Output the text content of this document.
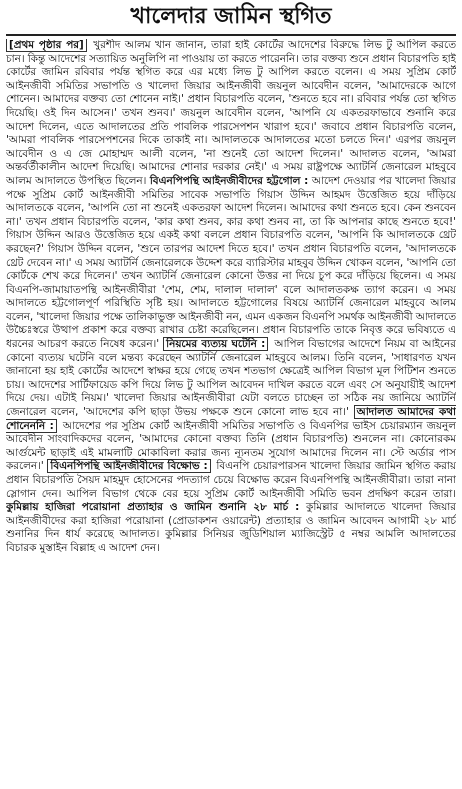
খালেদার জামিন স্থগিত
[প্রথম পৃষ্ঠার পর] খুরশীদ আলম খান জানান, তারা হাই কোর্টের আদেশের বিরুদ্ধে লিভ টু আপিল করতে চান। কিন্তু আদেশের সত্যায়িত অনুলিপি না পাওয়ায় তা করতে পারেননি। তার বক্তব্য শুনে প্রধান বিচারপতি হাই কোর্টের জামিন রবিবার পর্যন্ত স্থগিত করে এর মধ্যে লিভ টু আপিল করতে বলেন। এ সময় সুপ্রিম কোর্ট আইনজীবী সমিতির সভাপতি ও খালেদা জিয়ার আইনজীবী জয়নুল আবেদীন বলেন, 'আমাদেরকে আগে শোনেন। আমাদের বক্তব্য তো শোনেন নাই।' প্রধান বিচারপতি বলেন, 'শুনতে হবে না। রবিবার পর্যন্ত তো স্থগিত দিয়েছি। ওই দিন আসেন।' তখন শুনব।' জয়নুল আবেদীন বলেন, 'আপনি যে একতরফাভাবে শুনানি করে আদেশ দিলেন, এতে আদালতের প্রতি পাবলিক পারসেপশন খারাপ হবে।' জবাবে প্রধান বিচারপতি বলেন, 'আমরা পাবলিক পারসেপশনের দিকে তাকাই না। আদালতকে আদালতের মতো চলতে দিন।' এরপর জয়নুল আবেদীন ও এ জে মোহাম্মদ আলী বলেন, 'না শুনেই তো আদেশ দিলেন।' আদালত বলেন, 'আমরা অন্তর্বর্তীকালীন আদেশ দিয়েছি। আমাদের শোনার দরকার নেই।' এ সময় রাষ্ট্রপক্ষে অ্যাটর্নি জেনারেল মাহবুবে আলম আদালতে উপস্থিত ছিলেন। বিএনপিপন্থি আইনজীবীদের হট্টগোল : আদেশ দেওয়ার পর খালেদা জিয়ার পক্ষে সুপ্রিম কোর্ট আইনজীবী সমিতির সাবেক সভাপতি গিয়াস উদ্দিন আহমদ উত্তেজিত হয়ে দাঁড়িয়ে আদালতকে বলেন, 'আপনি তো না শুনেই একতরফা আদেশ দিলেন। আমাদের কথা শুনতে হবে। কেন শুনবেন না।' তখন প্রধান বিচারপতি বলেন, 'কার কথা শুনব, কার কথা শুনব না, তা কি আপনার কাছে শুনতে হবে!' গিয়াস উদ্দিন আরও উত্তেজিত হয়ে একই কথা বললে প্রধান বিচারপতি বলেন, 'আপনি কি আদালতকে থ্রেট করছেন?' গিয়াস উদ্দিন বলেন, 'শুনে তারপর আদেশ দিতে হবে।' তখন প্রধান বিচারপতি বলেন, 'আদালতকে থ্রেট দেবেন না।' এ সময় অ্যাটর্নি জেনারেলকে উদ্দেশ করে ব্যারিস্টার মাহবুব উদ্দিন খোকন বলেন, 'আপনি তো কোর্টকে শেখ করে দিলেন।' তখন অ্যাটর্নি জেনারেল কোনো উত্তর না দিয়ে চুপ করে দাঁড়িয়ে ছিলেন। এ সময় বিএনপি-জামায়াতপন্থি আইনজীবীরা 'শেম, শেম, দালাল দালাল' বলে আদালতকক্ষ ত্যাগ করেন। এ সময় আদালতে হট্টগোলপূর্ণ পরিস্থিতি সৃষ্টি হয়। আদালতে হট্টগোলের বিষয়ে অ্যাটর্নি জেনারেল মাহবুবে আলম বলেন, 'খালেদা জিয়ার পক্ষে তালিকাভুক্ত আইনজীবী নন, এমন একজন বিএনপি সমর্থক আইনজীবী আদালতে উচ্চৈঃস্বরে উত্থাপ প্রকাশ করে বক্তব্য রাখার চেষ্টা করেছিলেন। প্রধান বিচারপতি তাকে নিবৃত্ত করে ভবিষ্যতে এ ধরনের আচরণ করতে নিষেধ করেন।' নিয়মের ব্যত্যয় ঘটেনি : আপিল বিভাগের আদেশে নিয়ম বা আইনের কোনো ব্যত্যয় ঘটেনি বলে মন্তব্য করেছেন অ্যাটর্নি জেনারেল মাহবুবে আলম। তিনি বলেন, 'সাধারণত যখন জানানো হয় হাই কোর্টের আদেশে স্বাক্ষর হয়ে গেছে তখন শতভাগ ক্ষেত্রেই আপিল বিভাগ মূল পিটিশন শুনতে চায়। আদেশের সার্টিফায়েড কপি দিয়ে লিভ টু আপিল আবেদন দাখিল করতে বলে এবং সে অনুযায়ীই আদেশ দিয়ে দেয়। এটাই নিয়ম।' খালেদা জিয়ার আইনজীবীরা যেটা বলতে চাচ্ছেন তা সঠিক নয় জানিয়ে অ্যাটর্নি জেনারেল বলেন, 'আদেশের কপি ছাড়া উভয় পক্ষকে শুনে কোনো লাভ হবে না।' আদালত আমাদের কথা শোনেননি : আদেশের পর সুপ্রিম কোর্ট আইনজীবী সমিতির সভাপতি ও বিএনপির ভাইস চেয়ারম্যান জয়নুল আবেদীন সাংবাদিকদের বলেন, 'আমাদের কোনো বক্তব্য তিনি (প্রধান বিচারপতি) শুনলেন না। কোনোরকম আর্গুমেন্ট ছাড়াই এই মামলাটি মোকাবিলা করার জন্য ন্যূনতম সুযোগ আমাদের দিলেন না। স্টে অর্ডার পাস করলেন।' বিএনপিপন্থি আইনজীবীদের বিক্ষোভ : বিএনপি চেয়ারপারসন খালেদা জিয়ার জামিন স্থগিত করায় প্রধান বিচারপতি সৈয়দ মাহমুদ হোসেনের পদত্যাগ চেয়ে বিক্ষোভ করেন বিএনপিপন্থি আইনজীবীরা। তারা নানা স্লোগান দেন। আপিল বিভাগ থেকে বের হয়ে সুপ্রিম কোর্ট আইনজীবী সমিতি ভবন প্রদক্ষিণ করেন তারা। কুমিল্লায় হাজিরা পরোয়ানা প্রত্যাহার ও জামিন শুনানি ২৮ মার্চ : কুমিল্লার আদালতে খালেদা জিয়ার আইনজীবীদের করা হাজিরা পরোয়ানা (প্রোডাকশন ওয়ারেন্ট) প্রত্যাহার ও জামিন আবেদন আগামী ২৮ মার্চ শুনানির দিন ধার্য করেছে আদালত। কুমিল্লার সিনিয়র জুডিশিয়াল ম্যাজিস্ট্রেট ৫ নম্বর আমলি আদালতের বিচারক মুস্তাইন বিল্লাহ এ আদেশ দেন।
